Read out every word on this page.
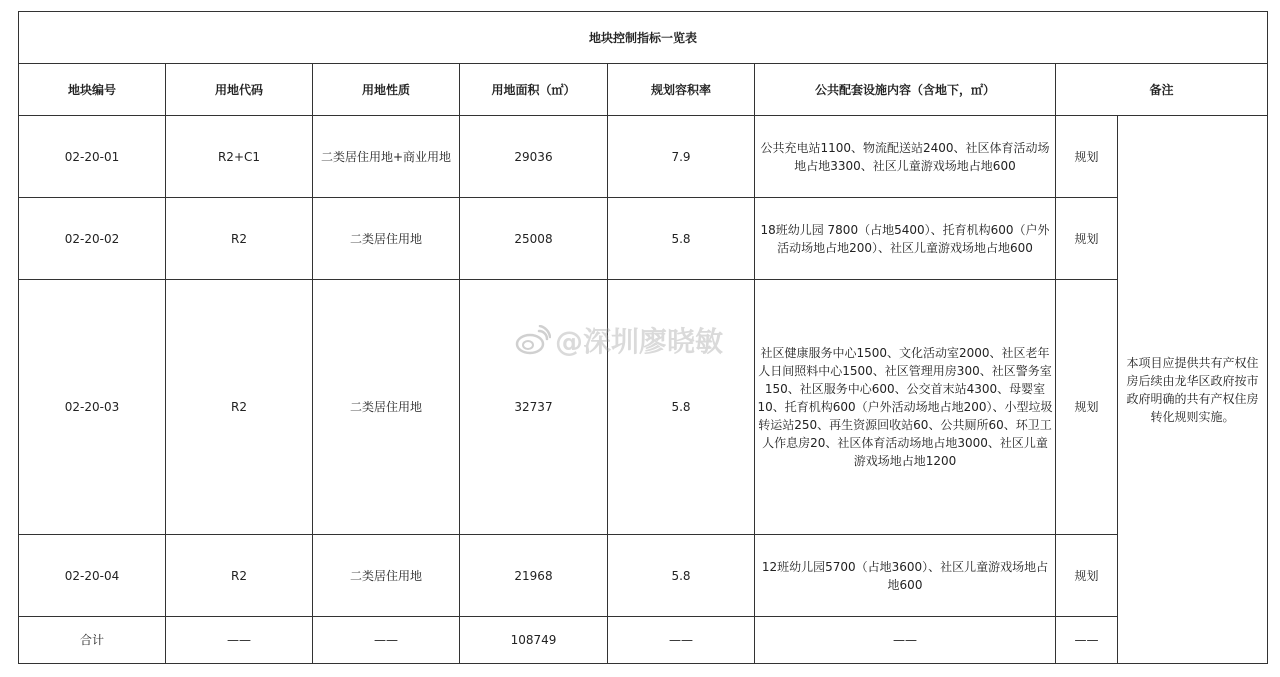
地块控制指标一览表							
地块编号	用地代码	用地性质	用地面积（㎡）	规划容积率	公共配套设施内容（含地下，㎡）	备注	
02-20-01	R2+C1	二类居住用地+商业用地	29036	7.9	公共充电站1100、物流配送站2400、社区体育活动场地占地3300、社区儿童游戏场地占地600	规划	本项目应提供共有产权住房后续由龙华区政府按市政府明确的共有产权住房转化规则实施。
02-20-02	R2	二类居住用地	25008	5.8	18班幼儿园 7800（占地5400）、托育机构600（户外活动场地占地200）、社区儿童游戏场地占地600	规划	
02-20-03	R2	二类居住用地	32737	5.8	社区健康服务中心1500、文化活动室2000、社区老年人日间照料中心1500、社区管理用房300、社区警务室150、社区服务中心600、公交首末站4300、母婴室10、托育机构600（户外活动场地占地200）、小型垃圾转运站250、再生资源回收站60、公共厕所60、环卫工人作息房20、社区体育活动场地占地3000、社区儿童游戏场地占地1200	规划	
02-20-04	R2	二类居住用地	21968	5.8	12班幼儿园5700（占地3600）、社区儿童游戏场地占地600	规划	
合计	——	——	108749	——	——	——	
@深圳廖晓敏
